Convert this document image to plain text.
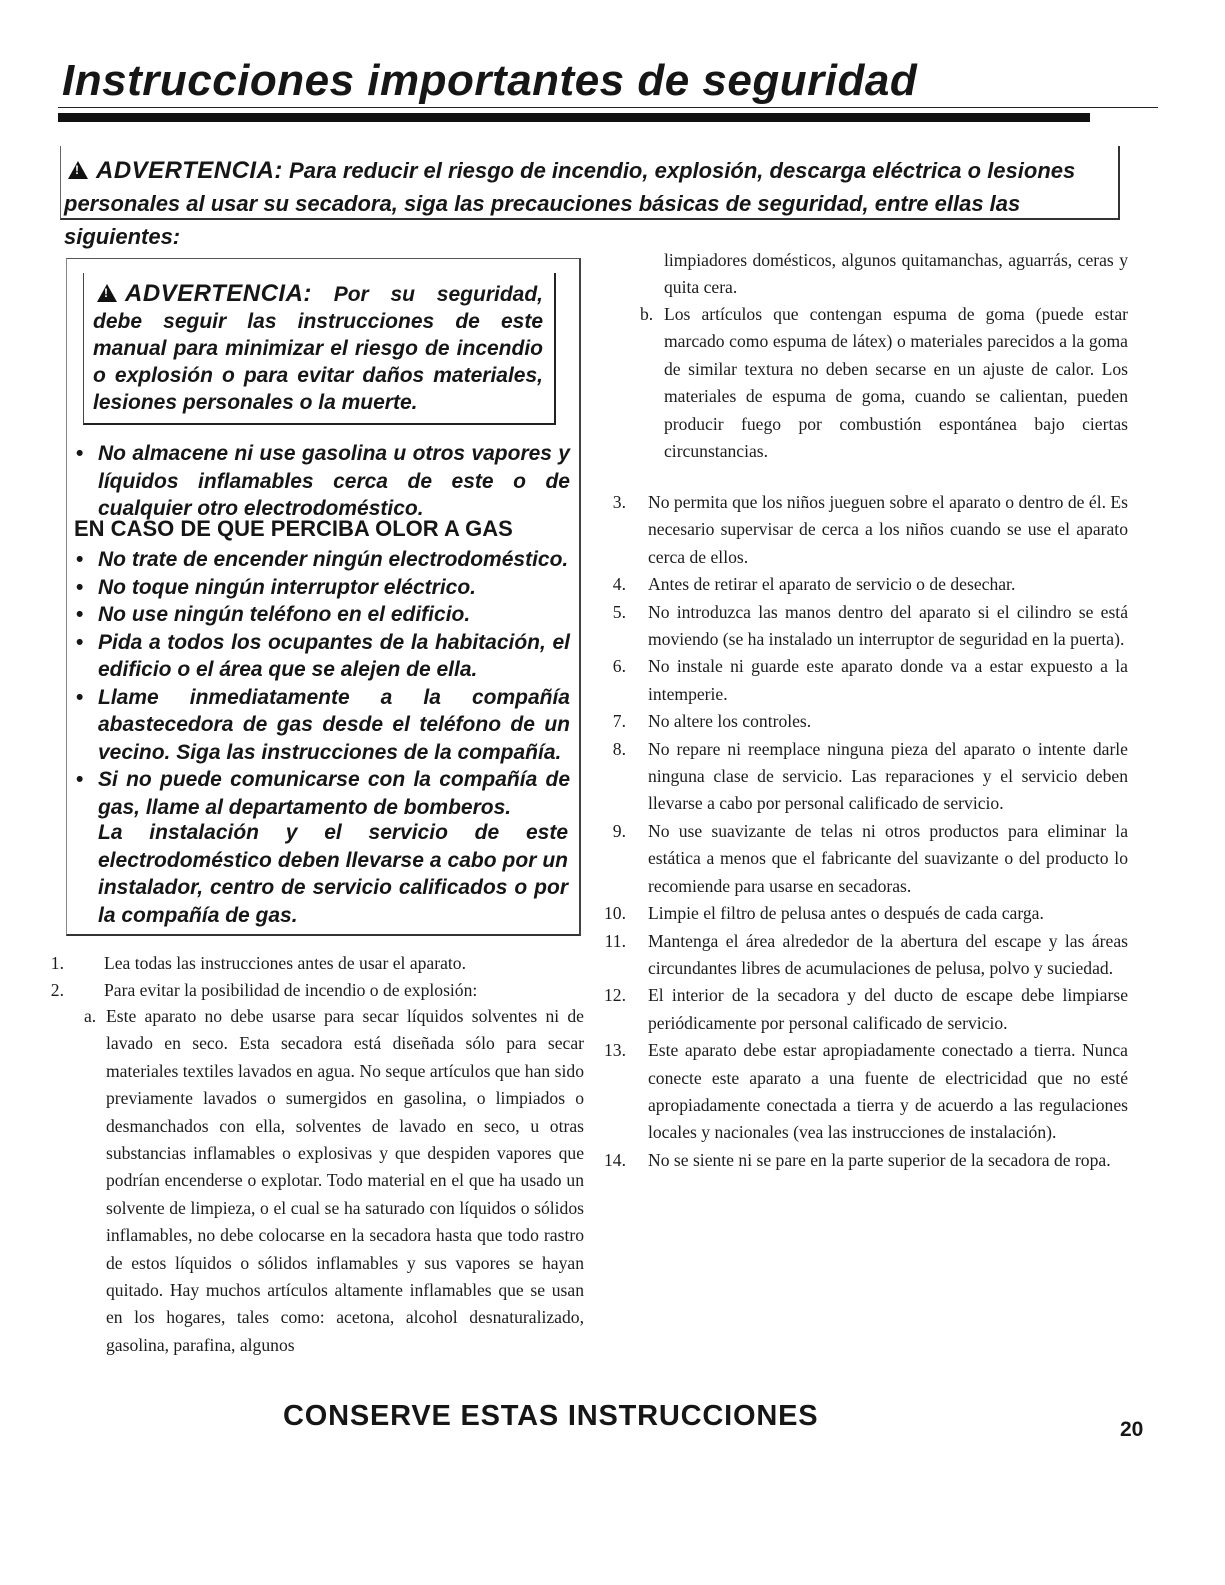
Instrucciones importantes de seguridad

!ADVERTENCIA: Para reducir el riesgo de incendio, explosión, descarga eléctrica o lesiones personales al usar su secadora, siga las precauciones básicas de seguridad, entre ellas las siguientes:

!ADVERTENCIA: Por su seguridad, debe seguir las instrucciones de este manual para minimizar el riesgo de incendio o explosión o para evitar daños materiales, lesiones personales o la muerte.

• No almacene ni use gasolina u otros vapores y líquidos inflamables cerca de este o de cualquier otro electrodoméstico.
EN CASO DE QUE PERCIBA OLOR A GAS
• No trate de encender ningún electrodoméstico.
• No toque ningún interruptor eléctrico.
• No use ningún teléfono en el edificio.
• Pida a todos los ocupantes de la habitación, el edificio o el área que se alejen de ella.
• Llame inmediatamente a la compañía abastecedora de gas desde el teléfono de un vecino. Siga las instrucciones de la compañía.
• Si no puede comunicarse con la compañía de gas, llame al departamento de bomberos.

La instalación y el servicio de este electrodoméstico deben llevarse a cabo por un instalador, centro de servicio calificados o por la compañía de gas.

1. Lea todas las instrucciones antes de usar el aparato.
2. Para evitar la posibilidad de incendio o de explosión:

a. Este aparato no debe usarse para secar líquidos solventes ni de lavado en seco. Esta secadora está diseñada sólo para secar materiales textiles lavados en agua. No seque artículos que han sido previamente lavados o sumergidos en gasolina, o limpiados o desmanchados con ella, solventes de lavado en seco, u otras substancias inflamables o explosivas y que despiden vapores que podrían encenderse o explotar. Todo material en el que ha usado un solvente de limpieza, o el cual se ha saturado con líquidos o sólidos inflamables, no debe colocarse en la secadora hasta que todo rastro de estos líquidos o sólidos inflamables y sus vapores se hayan quitado. Hay muchos artículos altamente inflamables que se usan en los hogares, tales como: acetona, alcohol desnaturalizado, gasolina, parafina, algunos

limpiadores domésticos, algunos quitamanchas, aguarrás, ceras y quita cera.

b. Los artículos que contengan espuma de goma (puede estar marcado como espuma de látex) o materiales parecidos a la goma de similar textura no deben secarse en un ajuste de calor. Los materiales de espuma de goma, cuando se calientan, pueden producir fuego por combustión espontánea bajo ciertas circunstancias.

3. No permita que los niños jueguen sobre el aparato o dentro de él. Es necesario supervisar de cerca a los niños cuando se use el aparato cerca de ellos.
4. Antes de retirar el aparato de servicio o de desechar.
5. No introduzca las manos dentro del aparato si el cilindro se está moviendo (se ha instalado un interruptor de seguridad en la puerta).
6. No instale ni guarde este aparato donde va a estar expuesto a la intemperie.
7. No altere los controles.
8. No repare ni reemplace ninguna pieza del aparato o intente darle ninguna clase de servicio. Las reparaciones y el servicio deben llevarse a cabo por personal calificado de servicio.
9. No use suavizante de telas ni otros productos para eliminar la estática a menos que el fabricante del suavizante o del producto lo recomiende para usarse en secadoras.
10. Limpie el filtro de pelusa antes o después de cada carga.
11. Mantenga el área alrededor de la abertura del escape y las áreas circundantes libres de acumulaciones de pelusa, polvo y suciedad.
12. El interior de la secadora y del ducto de escape debe limpiarse periódicamente por personal calificado de servicio.
13. Este aparato debe estar apropiadamente conectado a tierra. Nunca conecte este aparato a una fuente de electricidad que no esté apropiadamente conectada a tierra y de acuerdo a las regulaciones locales y nacionales (vea las instrucciones de instalación).
14. No se siente ni se pare en la parte superior de la secadora de ropa.

CONSERVE ESTAS INSTRUCCIONES	20
